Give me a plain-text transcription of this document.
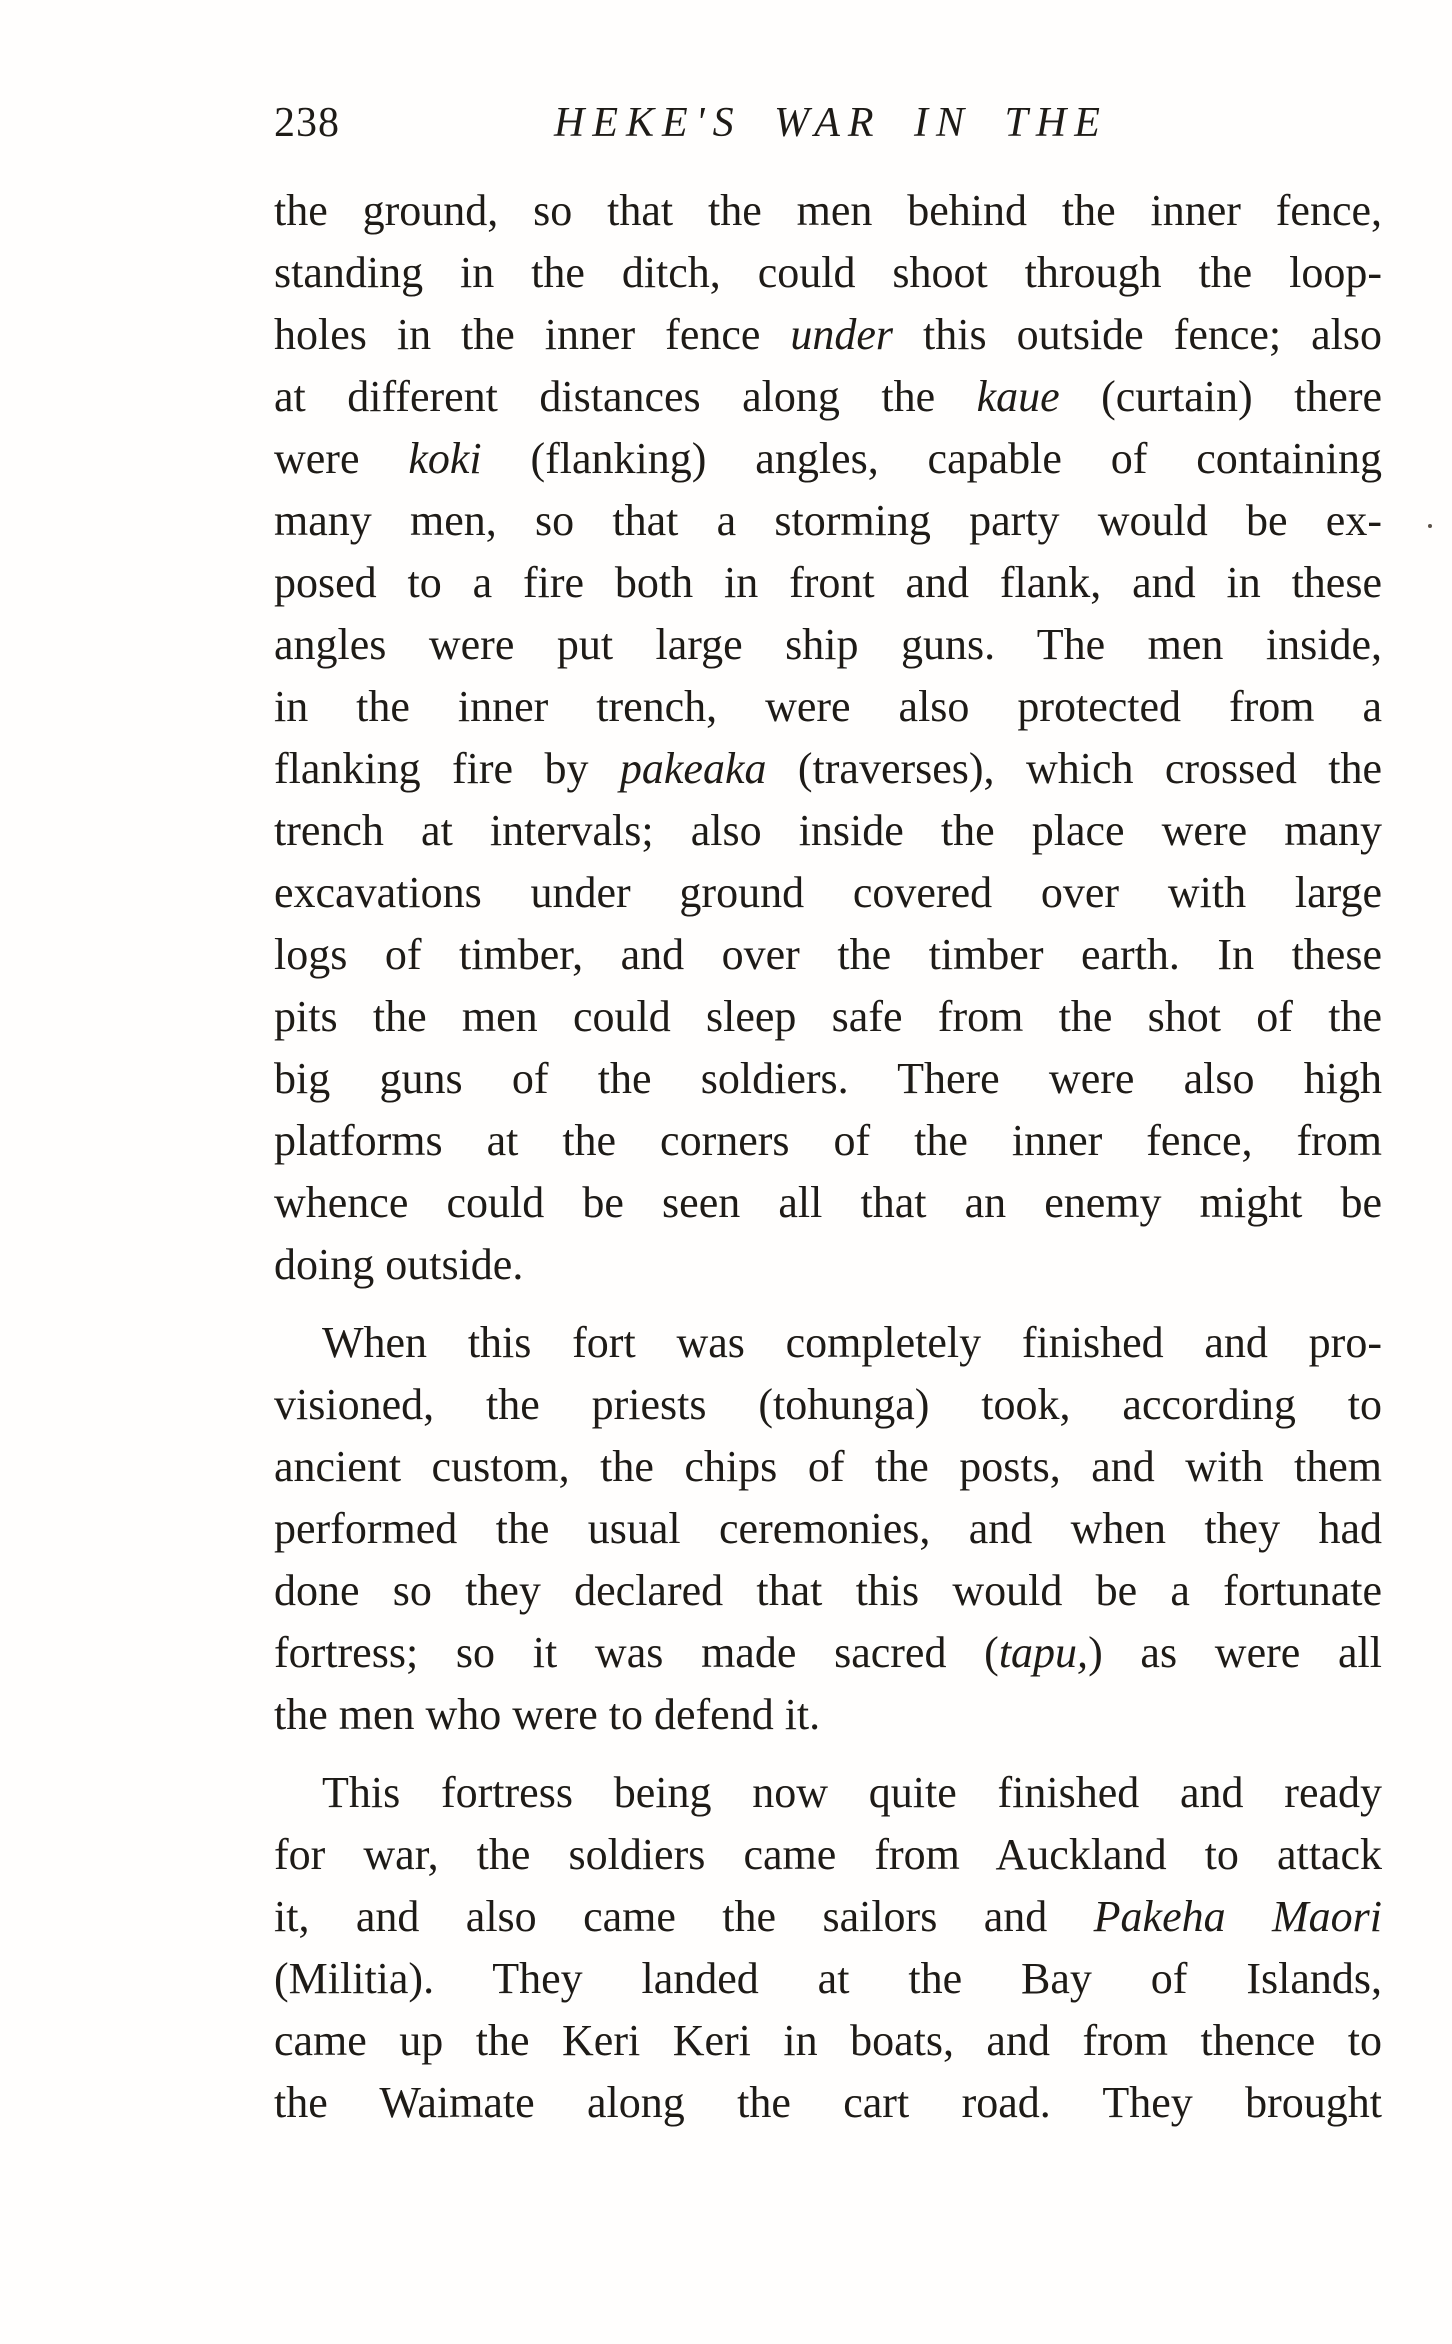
238	HEKE'S WAR IN THE
the ground, so that the men behind the inner fence,
standing in the ditch, could shoot through the loop-
holes in the inner fence under this outside fence; also
at different distances along the kaue (curtain) there
were koki (flanking) angles, capable of containing
many men, so that a storming party would be ex-
posed to a fire both in front and flank, and in these
angles were put large ship guns. The men inside,
in the inner trench, were also protected from a
flanking fire by pakeaka (traverses), which crossed the
trench at intervals; also inside the place were many
excavations under ground covered over with large
logs of timber, and over the timber earth. In these
pits the men could sleep safe from the shot of the
big guns of the soldiers. There were also high
platforms at the corners of the inner fence, from
whence could be seen all that an enemy might be
doing outside.
When this fort was completely finished and pro-
visioned, the priests (tohunga) took, according to
ancient custom, the chips of the posts, and with them
performed the usual ceremonies, and when they had
done so they declared that this would be a fortunate
fortress; so it was made sacred (tapu,) as were all
the men who were to defend it.
This fortress being now quite finished and ready
for war, the soldiers came from Auckland to attack
it, and also came the sailors and Pakeha Maori
(Militia). They landed at the Bay of Islands,
came up the Keri Keri in boats, and from thence to
the Waimate along the cart road. They brought
